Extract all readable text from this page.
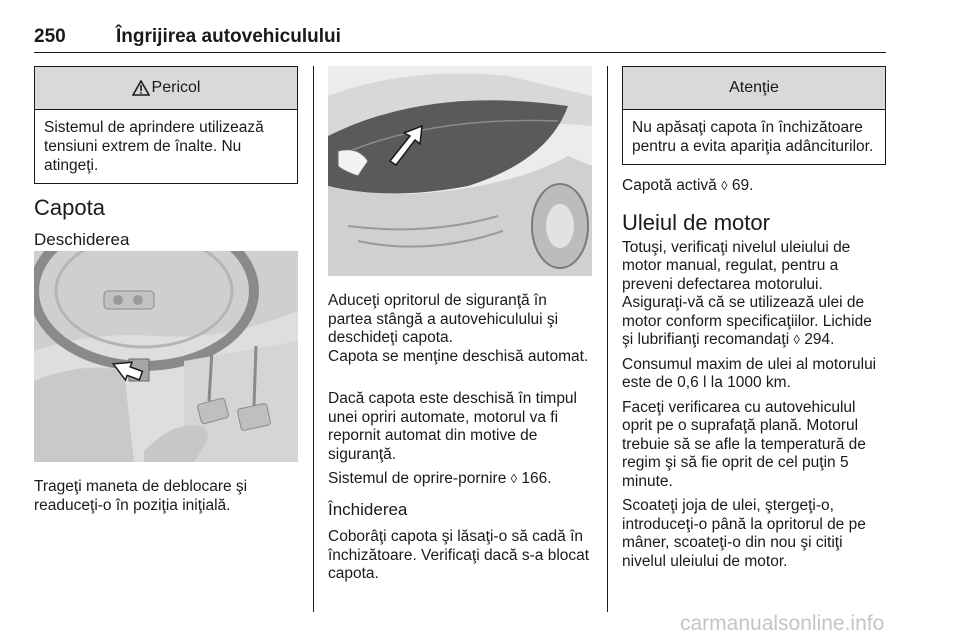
250	Îngrijirea autovehiculului
Pericol
Sistemul de aprindere utilizează tensiuni extrem de înalte. Nu atingeţi.
Capota
Deschiderea

Trageţi maneta de deblocare şi readuceţi-o în poziţia iniţială.

Aduceţi opritorul de siguranţă în partea stângă a autovehiculului şi deschideţi capota.

Capota se menţine deschisă automat.

Dacă capota este deschisă în timpul unei opriri automate, motorul va fi repornit automat din motive de siguranţă.

Sistemul de oprire-pornire ◊ 166.

Închiderea

Coborâţi capota şi lăsaţi-o să cadă în închizătoare. Verificaţi dacă s-a blocat capota.

Atenţie
Nu apăsaţi capota în închizătoare pentru a evita apariţia adânciturilor.

Capotă activă ◊ 69.

Uleiul de motor

Totuşi, verificaţi nivelul uleiului de motor manual, regulat, pentru a preveni defectarea motorului.

Asiguraţi-vă că se utilizează ulei de motor conform specificaţiilor. Lichide şi lubrifianţi recomandaţi ◊ 294.

Consumul maxim de ulei al motorului este de 0,6 l la 1000 km.

Faceţi verificarea cu autovehiculul oprit pe o suprafaţă plană. Motorul trebuie să se afle la temperatură de regim şi să fie oprit de cel puţin 5 minute.

Scoateţi joja de ulei, ştergeţi-o, introduceţi-o până la opritorul de pe mâner, scoateţi-o din nou şi citiţi nivelul uleiului de motor.

carmanualsonline.info
